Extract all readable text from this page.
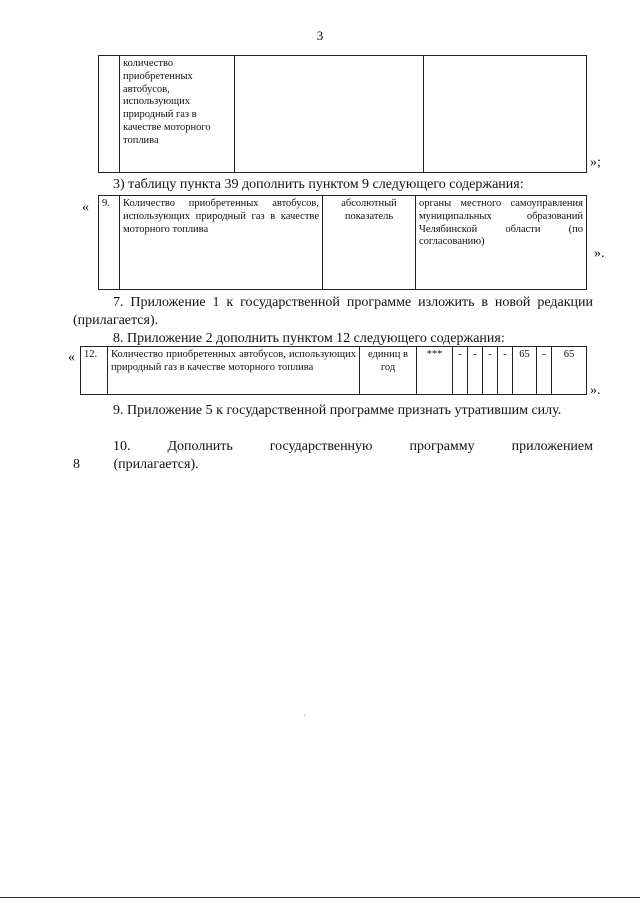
3
	количество приобретенных автобусов, использующих природный газ в качестве моторного топлива		
»;
3) таблицу пункта 39 дополнить пунктом 9 следующего содержания:
« 9.	Количество приобретенных автобусов, использующих природный газ в качестве моторного топлива	абсолютный показатель	органы местного самоуправления муниципальных образований Челябинской области (по согласованию)
».
7. Приложение 1 к государственной программе изложить в новой редакции (прилагается).
8. Приложение 2 дополнить пунктом 12 следующего содержания:
« 12.	Количество приобретенных автобусов, использующих природный газ в качестве моторного топлива	единиц в год	***	-	-	-	-	65	-	65
».
9. Приложение 5 к государственной программе признать утратившим силу.
10. Дополнить государственную программу приложением 8 (прилагается).
